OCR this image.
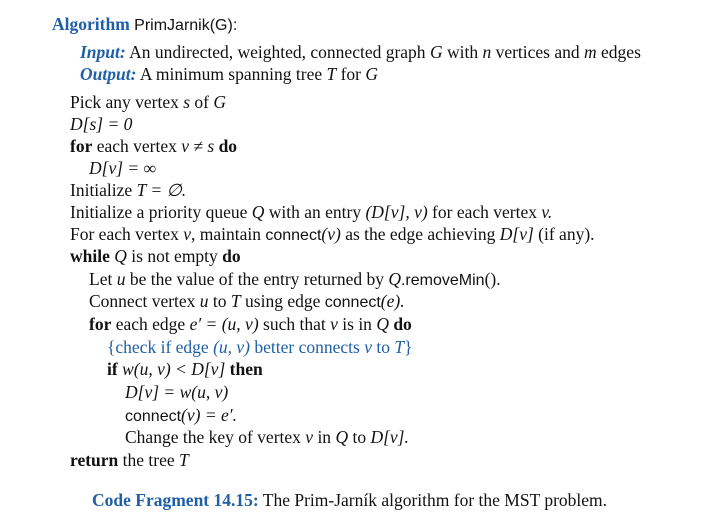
Algorithm PrimJarnik(G):
Input: An undirected, weighted, connected graph G with n vertices and m edges
Output: A minimum spanning tree T for G
Pick any vertex s of G
D[s] = 0
for each vertex v ≠ s do
D[v] = ∞
Initialize T = ∅.
Initialize a priority queue Q with an entry (D[v], v) for each vertex v.
For each vertex v, maintain connect(v) as the edge achieving D[v] (if any).
while Q is not empty do
Let u be the value of the entry returned by Q.removeMin().
Connect vertex u to T using edge connect(e).
for each edge e′ = (u, v) such that v is in Q do
{check if edge (u, v) better connects v to T}
if w(u, v) < D[v] then
D[v] = w(u, v)
connect(v) = e′.
Change the key of vertex v in Q to D[v].
return the tree T
Code Fragment 14.15: The Prim-Jarník algorithm for the MST problem.
